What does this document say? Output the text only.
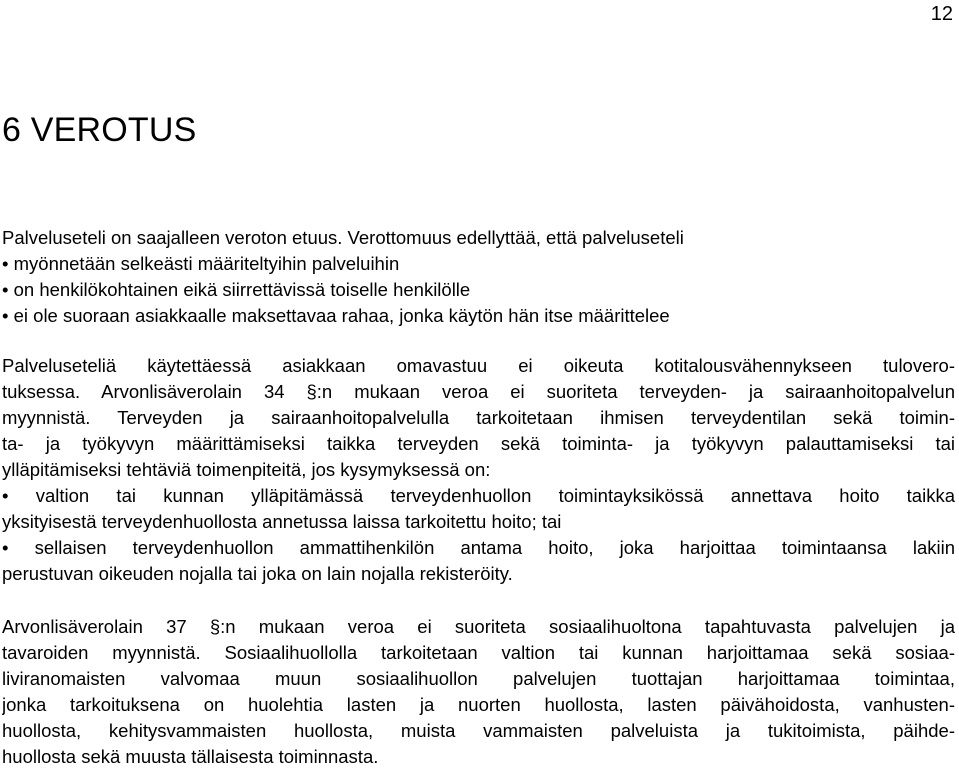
12
6 VEROTUS
Palveluseteli on saajalleen veroton etuus. Verottomuus edellyttää, että palveluseteli
• myönnetään selkeästi määriteltyihin palveluihin
• on henkilökohtainen eikä siirrettävissä toiselle henkilölle
• ei ole suoraan asiakkaalle maksettavaa rahaa, jonka käytön hän itse määrittelee
Palveluseteliä käytettäessä asiakkaan omavastuu ei oikeuta kotitalousvähennykseen tulovero-
tuksessa. Arvonlisäverolain 34 §:n mukaan veroa ei suoriteta terveyden- ja sairaanhoitopalvelun
myynnistä. Terveyden ja sairaanhoitopalvelulla tarkoitetaan ihmisen terveydentilan sekä toimin-
ta- ja työkyvyn määrittämiseksi taikka terveyden sekä toiminta- ja työkyvyn palauttamiseksi tai
ylläpitämiseksi tehtäviä toimenpiteitä, jos kysymyksessä on:
• valtion tai kunnan ylläpitämässä terveydenhuollon toimintayksikössä annettava hoito taikka
yksityisestä terveydenhuollosta annetussa laissa tarkoitettu hoito; tai
• sellaisen terveydenhuollon ammattihenkilön antama hoito, joka harjoittaa toimintaansa lakiin
perustuvan oikeuden nojalla tai joka on lain nojalla rekisteröity.
Arvonlisäverolain 37 §:n mukaan veroa ei suoriteta sosiaalihuoltona tapahtuvasta palvelujen ja
tavaroiden myynnistä. Sosiaalihuollolla tarkoitetaan valtion tai kunnan harjoittamaa sekä sosiaa-
liviranomaisten valvomaa muun sosiaalihuollon palvelujen tuottajan harjoittamaa toimintaa,
jonka tarkoituksena on huolehtia lasten ja nuorten huollosta, lasten päivähoidosta, vanhusten-
huollosta, kehitysvammaisten huollosta, muista vammaisten palveluista ja tukitoimista, päihde-
huollosta sekä muusta tällaisesta toiminnasta.
